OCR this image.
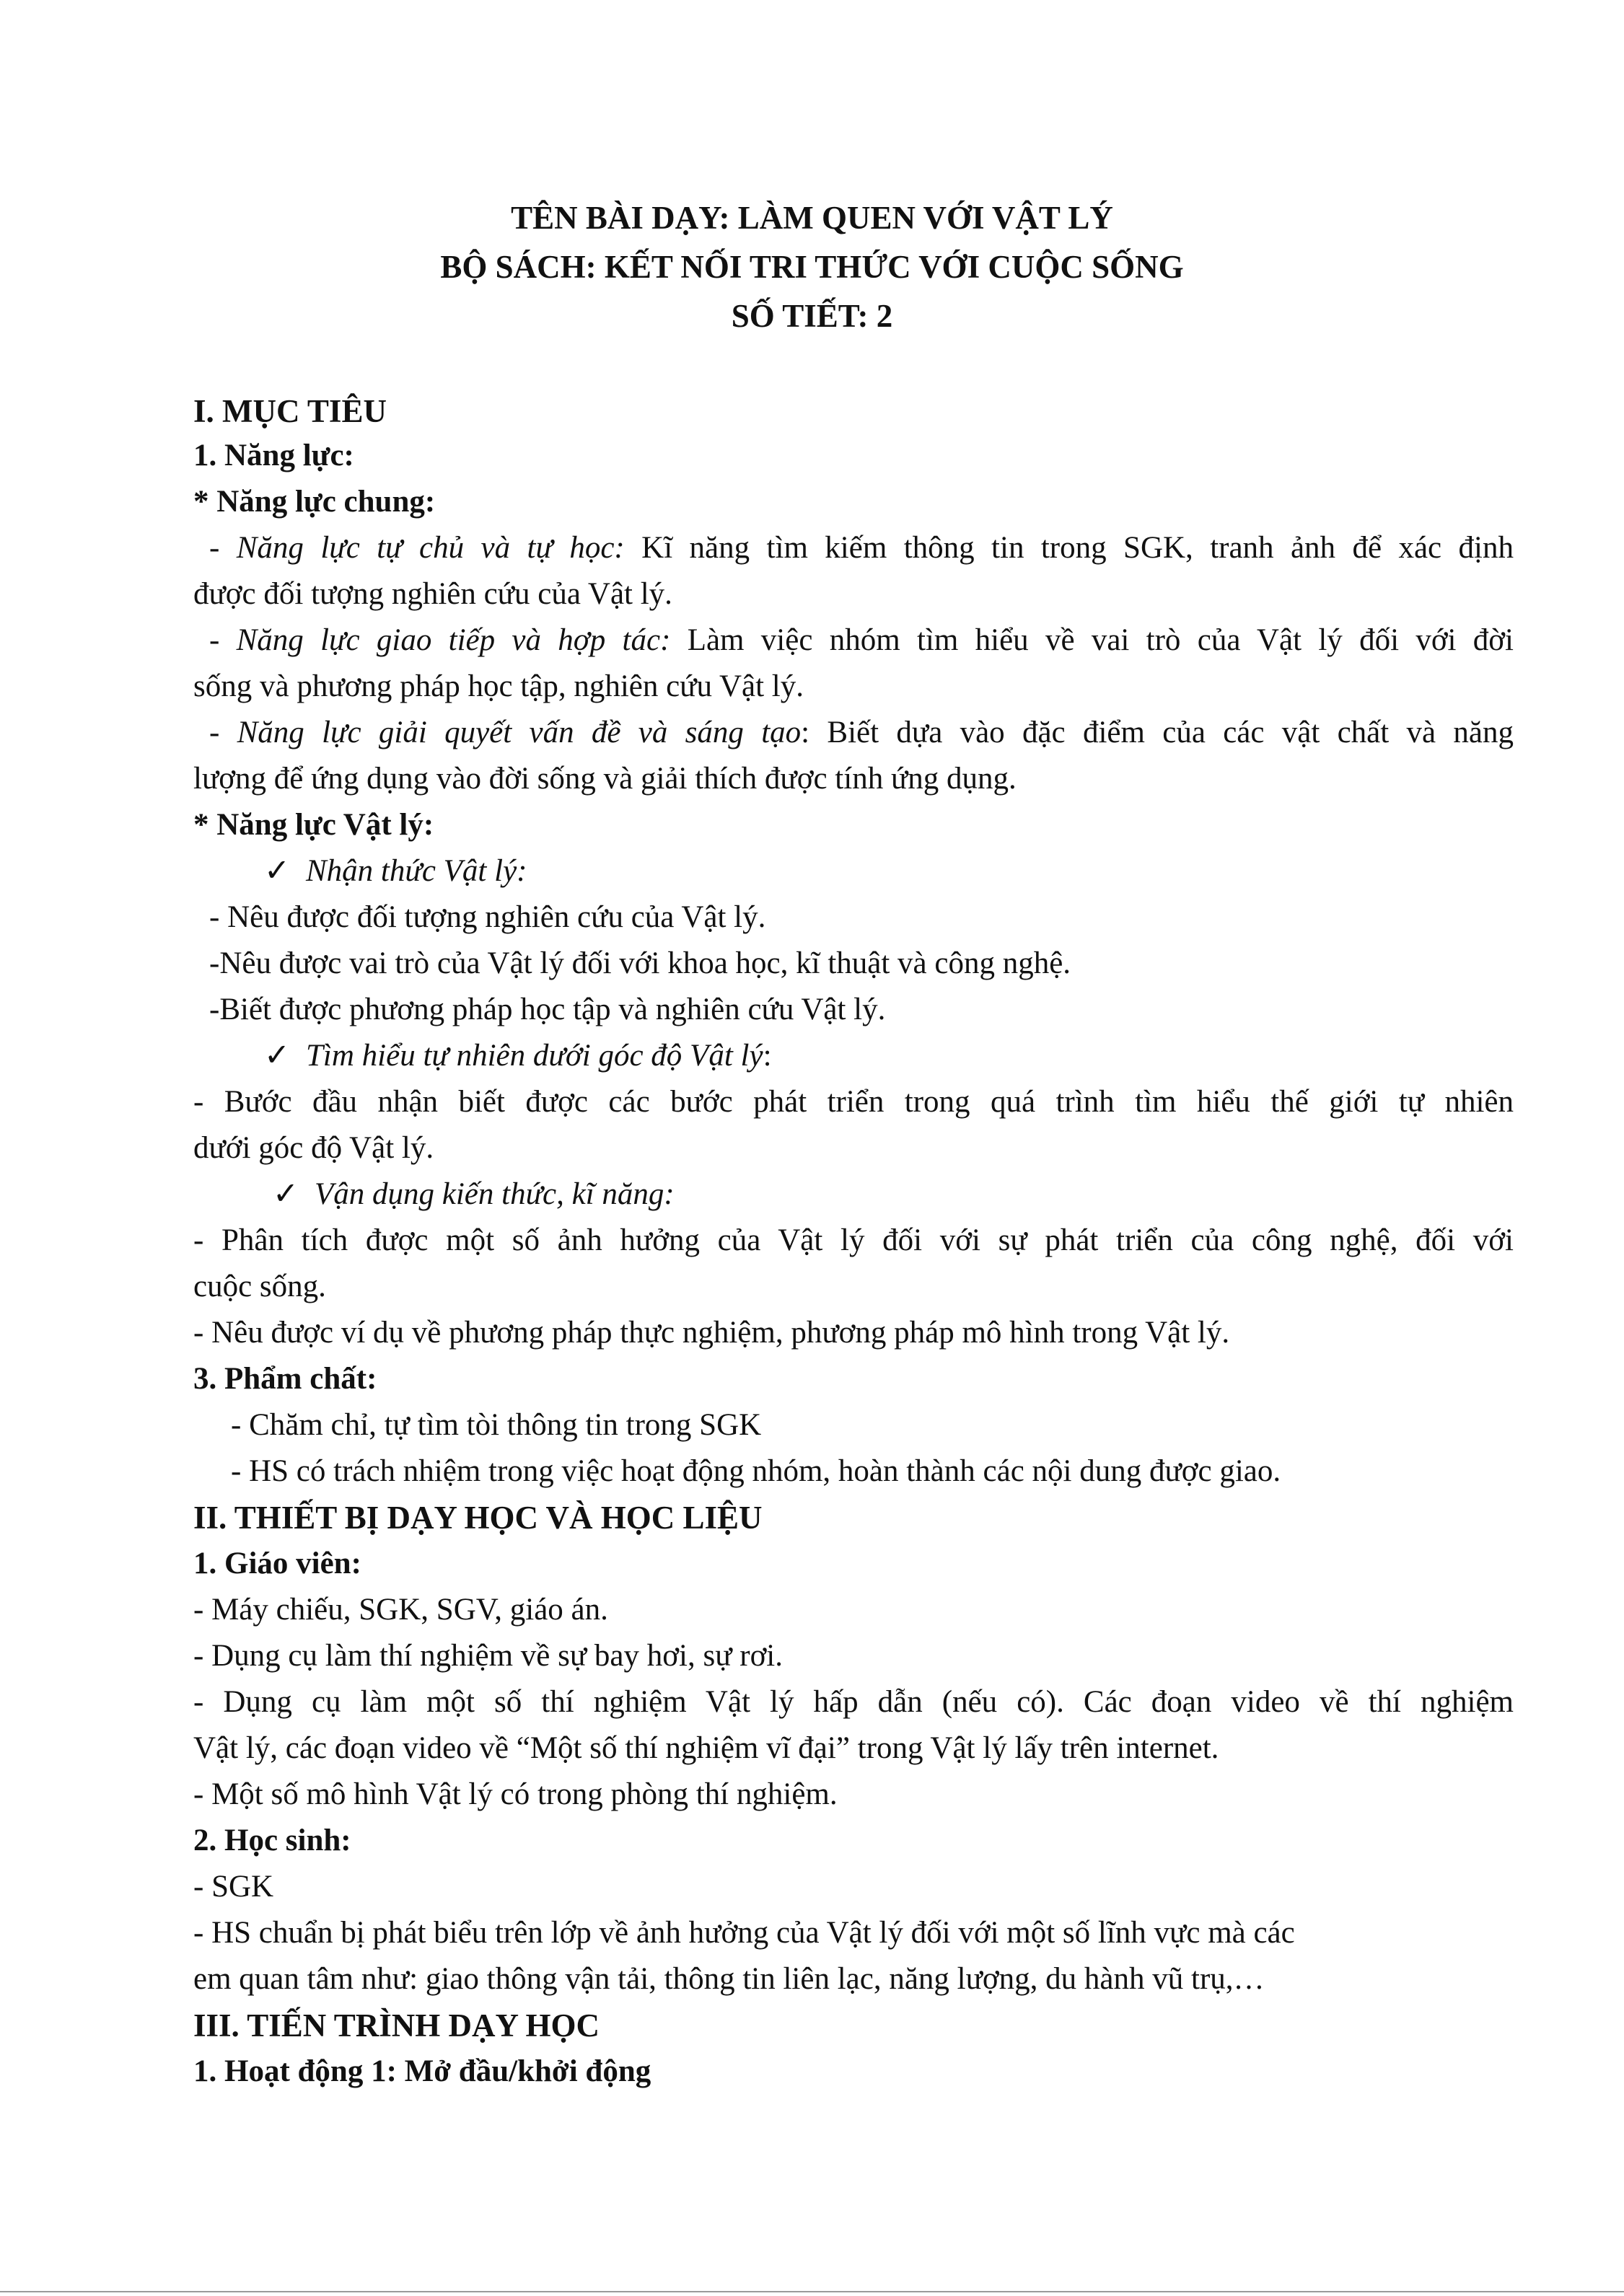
TÊN BÀI DẠY: LÀM QUEN VỚI VẬT LÝ
BỘ SÁCH: KẾT NỐI TRI THỨC VỚI CUỘC SỐNG
SỐ TIẾT: 2
I. MỤC TIÊU
1. Năng lực:
* Năng lực chung:
- Năng lực tự chủ và tự học: Kĩ năng tìm kiếm thông tin trong SGK, tranh ảnh để xác định
được đối tượng nghiên cứu của Vật lý.
- Năng lực giao tiếp và hợp tác: Làm việc nhóm tìm hiểu về vai trò của Vật lý đối với đời
sống và phương pháp học tập, nghiên cứu Vật lý.
- Năng lực giải quyết vấn đề và sáng tạo: Biết dựa vào đặc điểm của các vật chất và năng
lượng để ứng dụng vào đời sống và giải thích được tính ứng dụng.
* Năng lực Vật lý:
✓ Nhận thức Vật lý:
- Nêu được đối tượng nghiên cứu của Vật lý.
-Nêu được vai trò của Vật lý đối với khoa học, kĩ thuật và công nghệ.
-Biết được phương pháp học tập và nghiên cứu Vật lý.
✓ Tìm hiểu tự nhiên dưới góc độ Vật lý:
- Bước đầu nhận biết được các bước phát triển trong quá trình tìm hiểu thế giới tự nhiên
dưới góc độ Vật lý.
✓ Vận dụng kiến thức, kĩ năng:
- Phân tích được một số ảnh hưởng của Vật lý đối với sự phát triển của công nghệ, đối với
cuộc sống.
- Nêu được ví dụ về phương pháp thực nghiệm, phương pháp mô hình trong Vật lý.
3. Phẩm chất:
- Chăm chỉ, tự tìm tòi thông tin trong SGK
- HS có trách nhiệm trong việc hoạt động nhóm, hoàn thành các nội dung được giao.
II. THIẾT BỊ DẠY HỌC VÀ HỌC LIỆU
1. Giáo viên:
- Máy chiếu, SGK, SGV, giáo án.
- Dụng cụ làm thí nghiệm về sự bay hơi, sự rơi.
- Dụng cụ làm một số thí nghiệm Vật lý hấp dẫn (nếu có). Các đoạn video về thí nghiệm
Vật lý, các đoạn video về “Một số thí nghiệm vĩ đại” trong Vật lý lấy trên internet.
- Một số mô hình Vật lý có trong phòng thí nghiệm.
2. Học sinh:
- SGK
- HS chuẩn bị phát biểu trên lớp về ảnh hưởng của Vật lý đối với một số lĩnh vực mà các
em quan tâm như: giao thông vận tải, thông tin liên lạc, năng lượng, du hành vũ trụ,…
III. TIẾN TRÌNH DẠY HỌC
1. Hoạt động 1: Mở đầu/khởi động
